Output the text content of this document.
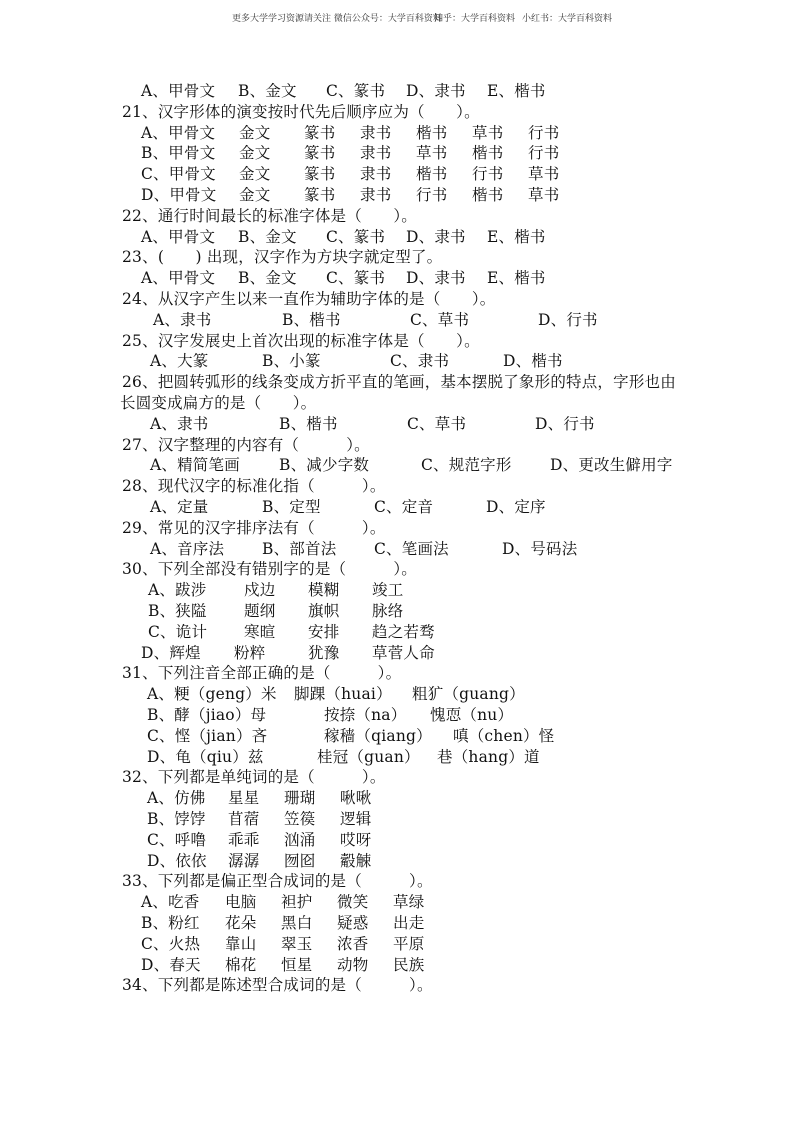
更多大学学习资源请关注 微信公众号：大学百科资料

知乎：大学百科资料

小红书：大学百科资料

A、甲骨文 B、金文 C、篆书 D、隶书 E、楷书
21、汉字形体的演变按时代先后顺序应为（　　）。
A、甲骨文 金文 篆书 隶书 楷书 草书 行书
B、甲骨文 金文 篆书 隶书 草书 楷书 行书
C、甲骨文 金文 篆书 隶书 楷书 行书 草书
D、甲骨文 金文 篆书 隶书 行书 楷书 草书
22、通行时间最长的标准字体是（　　）。
A、甲骨文 B、金文 C、篆书 D、隶书 E、楷书
23、(　　) 出现，汉字作为方块字就定型了。
A、甲骨文 B、金文 C、篆书 D、隶书 E、楷书
24、从汉字产生以来一直作为辅助字体的是（　　）。
A、隶书	B、楷书	C、草书	D、行书
25、汉字发展史上首次出现的标准字体是（　　）。
A、大篆	B、小篆	C、隶书	D、楷书
26、把圆转弧形的线条变成方折平直的笔画，基本摆脱了象形的特点，字形也由
长圆变成扁方的是（　　）。
A、隶书	B、楷书	C、草书	D、行书
27、汉字整理的内容有（　　　）。
A、精简笔画	B、减少字数	C、规范字形 D、更改生僻用字
28、现代汉字的标准化指（　　　）。
A、定量	B、定型	C、定音	D、定序
29、常见的汉字排序法有（　　　）。
A、音序法 B、部首法 C、笔画法	D、号码法
30、下列全部没有错别字的是（　　　）。
A、跋涉 戍边 模糊 竣工
B、狭隘 题纲 旗帜 脉络
C、诡计 寒暄 安排 趋之若骛
D、辉煌 粉粹	犹豫 草菅人命
31、下列注音全部正确的是（　　　）。
A、粳（geng）米 脚踝（huai） 粗犷（guang）
B、酵（jiao）母	按捺（na） 愧恧（nu）
C、悭（jian）吝	稼穑（qiang） 嗔（chen）怪
D、龟（qiu）兹	桂冠（guan） 巷（hang）道
32、下列都是单纯词的是（　　　）。
A、仿佛 星星 珊瑚 啾啾
B、饽饽 苜蓿 笠篌 逻辑
C、呼噜 乖乖 汹涌 哎呀
D、依依 潺潺 囫囵 觳觫
33、下列都是偏正型合成词的是（　　　）。
A、吃香 电脑 袒护 微笑 草绿
B、粉红 花朵 黑白 疑惑 出走
C、火热 靠山 翠玉 浓香 平原
D、春天 棉花 恒星 动物 民族
34、下列都是陈述型合成词的是（　　　）。
